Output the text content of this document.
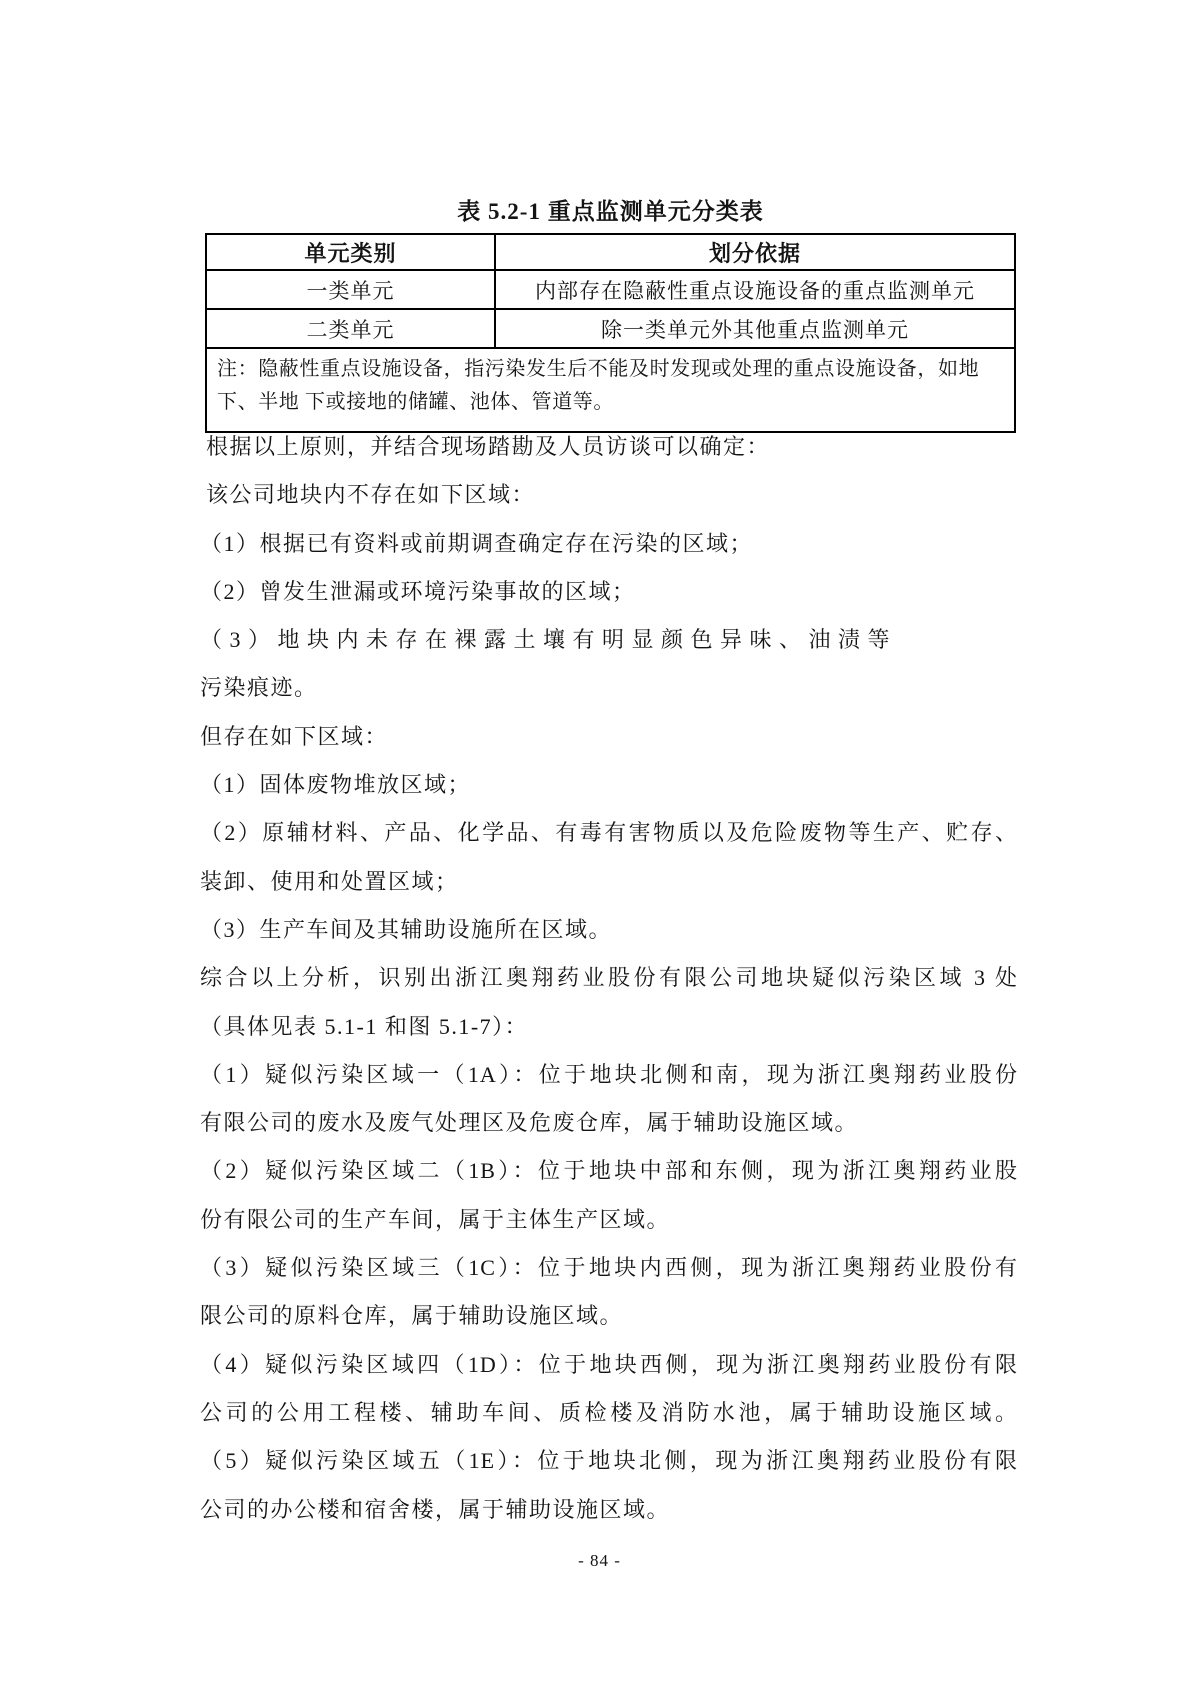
表 5.2-1 重点监测单元分类表
单元类别	划分依据
一类单元	内部存在隐蔽性重点设施设备的重点监测单元
二类单元	除一类单元外其他重点监测单元
注：隐蔽性重点设施设备，指污染发生后不能及时发现或处理的重点设施设备，如地下、半地 下或接地的储罐、池体、管道等。	
根据以上原则，并结合现场踏勘及人员访谈可以确定：
该公司地块内不存在如下区域：
（1）根据已有资料或前期调查确定存在污染的区域；
（2）曾发生泄漏或环境污染事故的区域；
（3）地块内未存在裸露土壤有明显颜色异味、油渍等
污染痕迹。
但存在如下区域：
（1）固体废物堆放区域；
（2）原辅材料、产品、化学品、有毒有害物质以及危险废物等生产、贮存、
装卸、使用和处置区域；
（3）生产车间及其辅助设施所在区域。
综合以上分析，识别出浙江奥翔药业股份有限公司地块疑似污染区域 3 处
（具体见表 5.1-1 和图 5.1-7）：
（1）疑似污染区域一（1A）：位于地块北侧和南，现为浙江奥翔药业股份
有限公司的废水及废气处理区及危废仓库，属于辅助设施区域。
（2）疑似污染区域二（1B）：位于地块中部和东侧，现为浙江奥翔药业股
份有限公司的生产车间，属于主体生产区域。
（3）疑似污染区域三（1C）：位于地块内西侧，现为浙江奥翔药业股份有
限公司的原料仓库，属于辅助设施区域。
（4）疑似污染区域四（1D）：位于地块西侧，现为浙江奥翔药业股份有限
公司的公用工程楼、辅助车间、质检楼及消防水池，属于辅助设施区域。
（5）疑似污染区域五（1E）：位于地块北侧，现为浙江奥翔药业股份有限
公司的办公楼和宿舍楼，属于辅助设施区域。
- 84 -
